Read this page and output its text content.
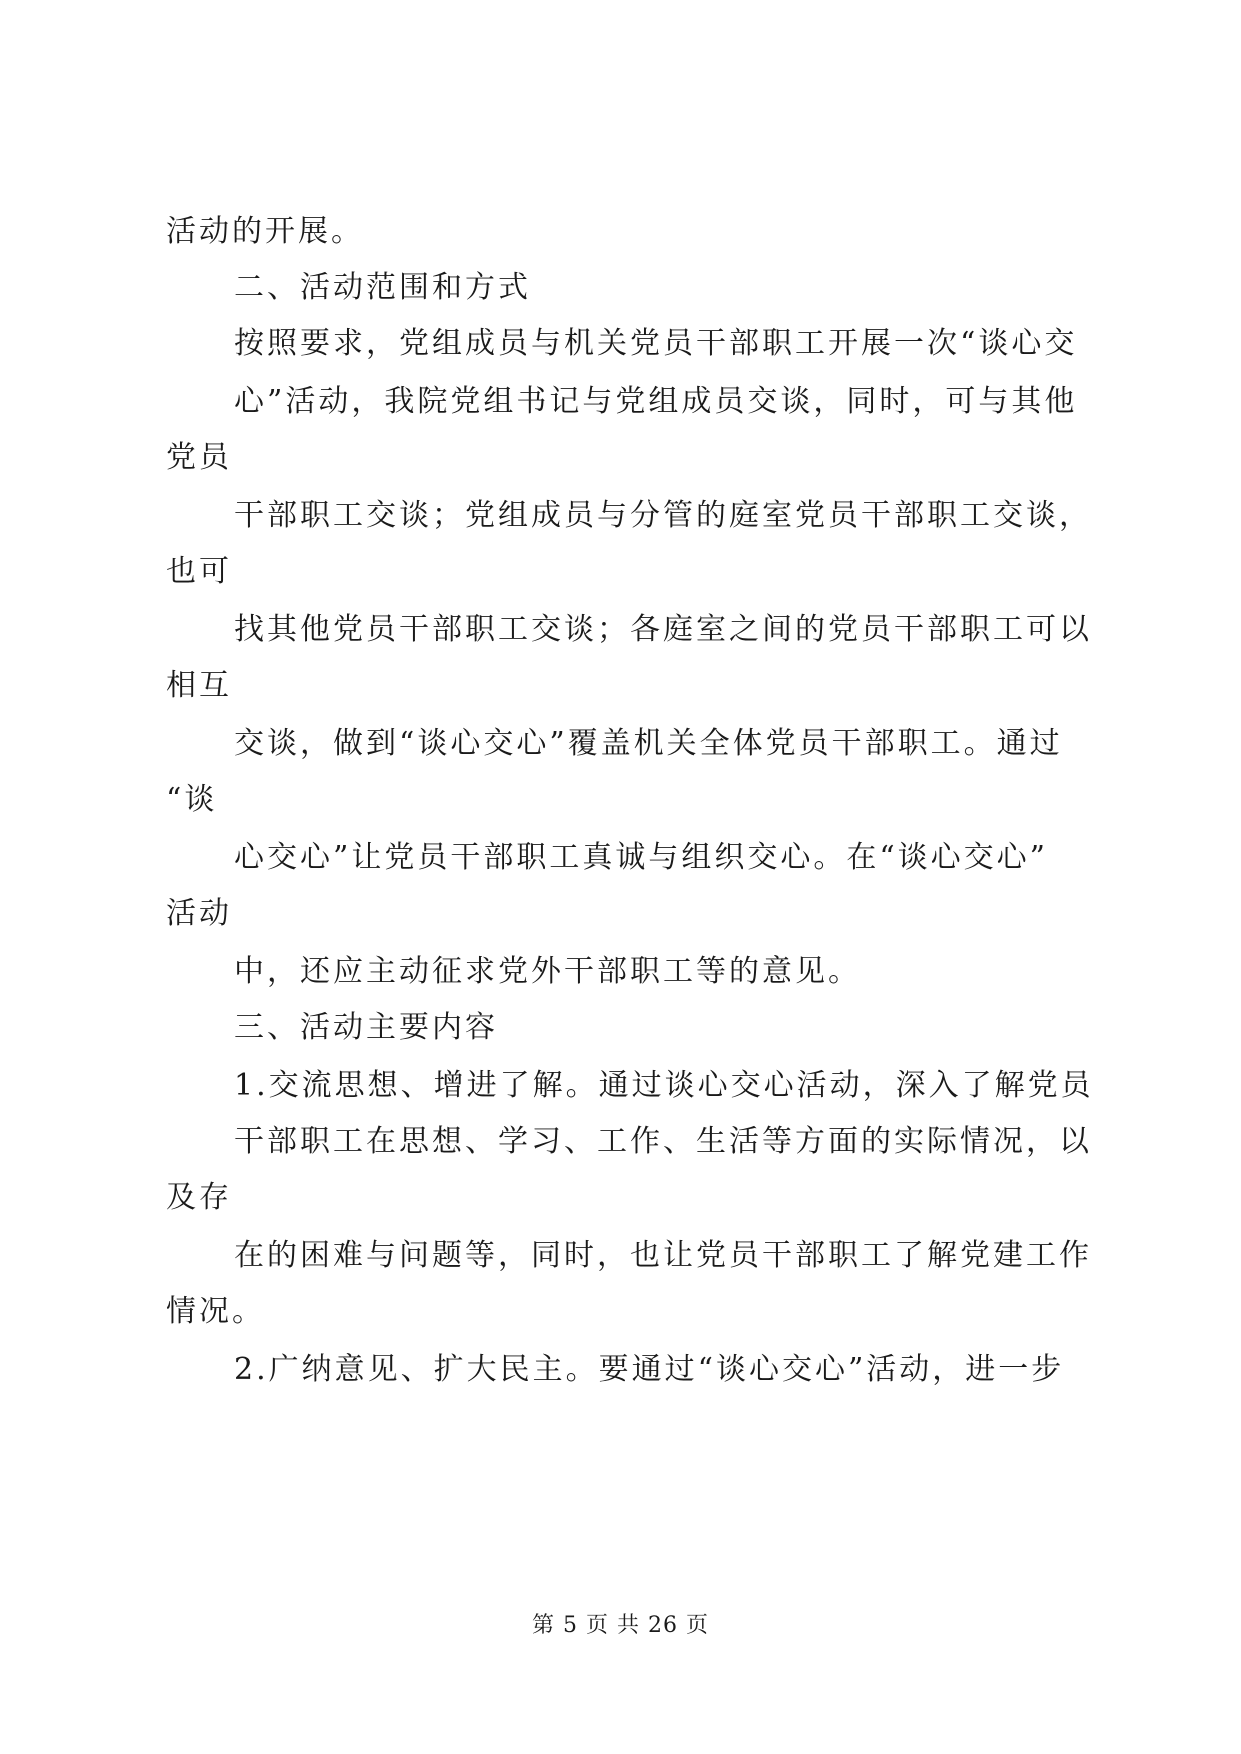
活动的开展。
二、活动范围和方式
按照要求，党组成员与机关党员干部职工开展一次“谈心交
心”活动，我院党组书记与党组成员交谈，同时，可与其他
党员
干部职工交谈；党组成员与分管的庭室党员干部职工交谈，
也可
找其他党员干部职工交谈；各庭室之间的党员干部职工可以
相互
交谈，做到“谈心交心”覆盖机关全体党员干部职工。通过
“谈
心交心”让党员干部职工真诚与组织交心。在“谈心交心”
活动
中，还应主动征求党外干部职工等的意见。
三、活动主要内容
1.交流思想、增进了解。通过谈心交心活动，深入了解党员
干部职工在思想、学习、工作、生活等方面的实际情况，以
及存
在的困难与问题等，同时，也让党员干部职工了解党建工作
情况。
2.广纳意见、扩大民主。要通过“谈心交心”活动，进一步
第 5 页 共 26 页
